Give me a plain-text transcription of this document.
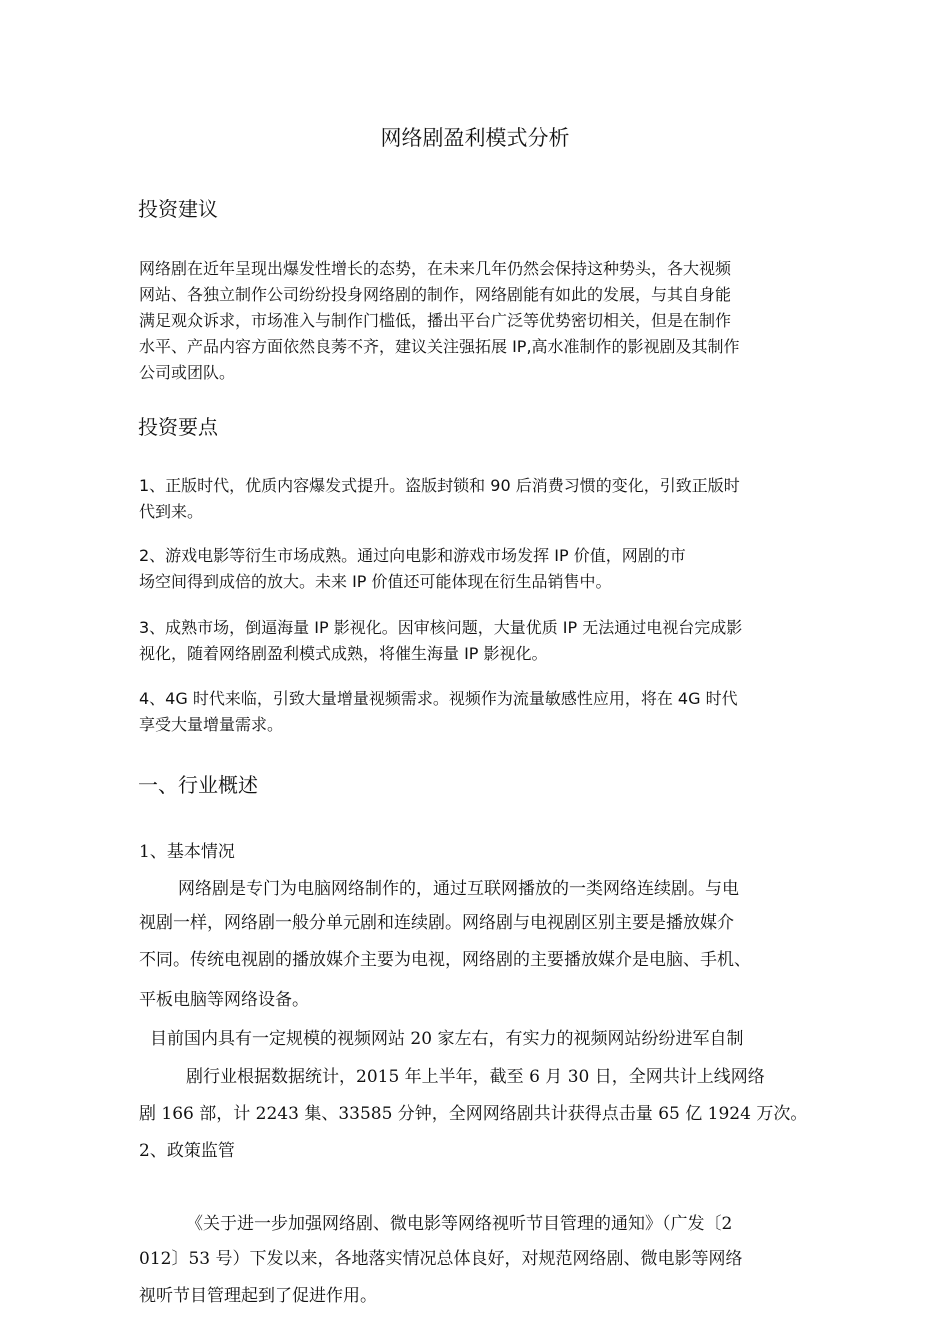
网络剧盈利模式分析
投资建议
网络剧在近年呈现出爆发性增长的态势，在未来几年仍然会保持这种势头，各大视频
网站、各独立制作公司纷纷投身网络剧的制作，网络剧能有如此的发展，与其自身能
满足观众诉求，市场准入与制作门槛低，播出平台广泛等优势密切相关，但是在制作
水平、产品内容方面依然良莠不齐，建议关注强拓展 IP,高水准制作的影视剧及其制作
公司或团队。
投资要点
1、正版时代，优质内容爆发式提升。盗版封锁和 90 后消费习惯的变化，引致正版时
代到来。
2、游戏电影等衍生市场成熟。通过向电影和游戏市场发挥 IP 价值，网剧的市
场空间得到成倍的放大。未来 IP 价值还可能体现在衍生品销售中。
3、成熟市场，倒逼海量 IP 影视化。因审核问题，大量优质 IP 无法通过电视台完成影
视化，随着网络剧盈利模式成熟，将催生海量 IP 影视化。
4、4G 时代来临，引致大量增量视频需求。视频作为流量敏感性应用，将在 4G 时代
享受大量增量需求。
一、行业概述
1、基本情况
网络剧是专门为电脑网络制作的，通过互联网播放的一类网络连续剧。与电
视剧一样，网络剧一般分单元剧和连续剧。网络剧与电视剧区别主要是播放媒介
不同。传统电视剧的播放媒介主要为电视，网络剧的主要播放媒介是电脑、手机、
平板电脑等网络设备。
目前国内具有一定规模的视频网站 20 家左右，有实力的视频网站纷纷进军自制
剧行业根据数据统计，2015 年上半年，截至 6 月 30 日，全网共计上线网络
剧 166 部，计 2243 集、33585 分钟，全网网络剧共计获得点击量 65 亿 1924 万次。
2、政策监管
《关于进一步加强网络剧、微电影等网络视听节目管理的通知》（广发〔2
012〕53 号）下发以来，各地落实情况总体良好，对规范网络剧、微电影等网络
视听节目管理起到了促进作用。
